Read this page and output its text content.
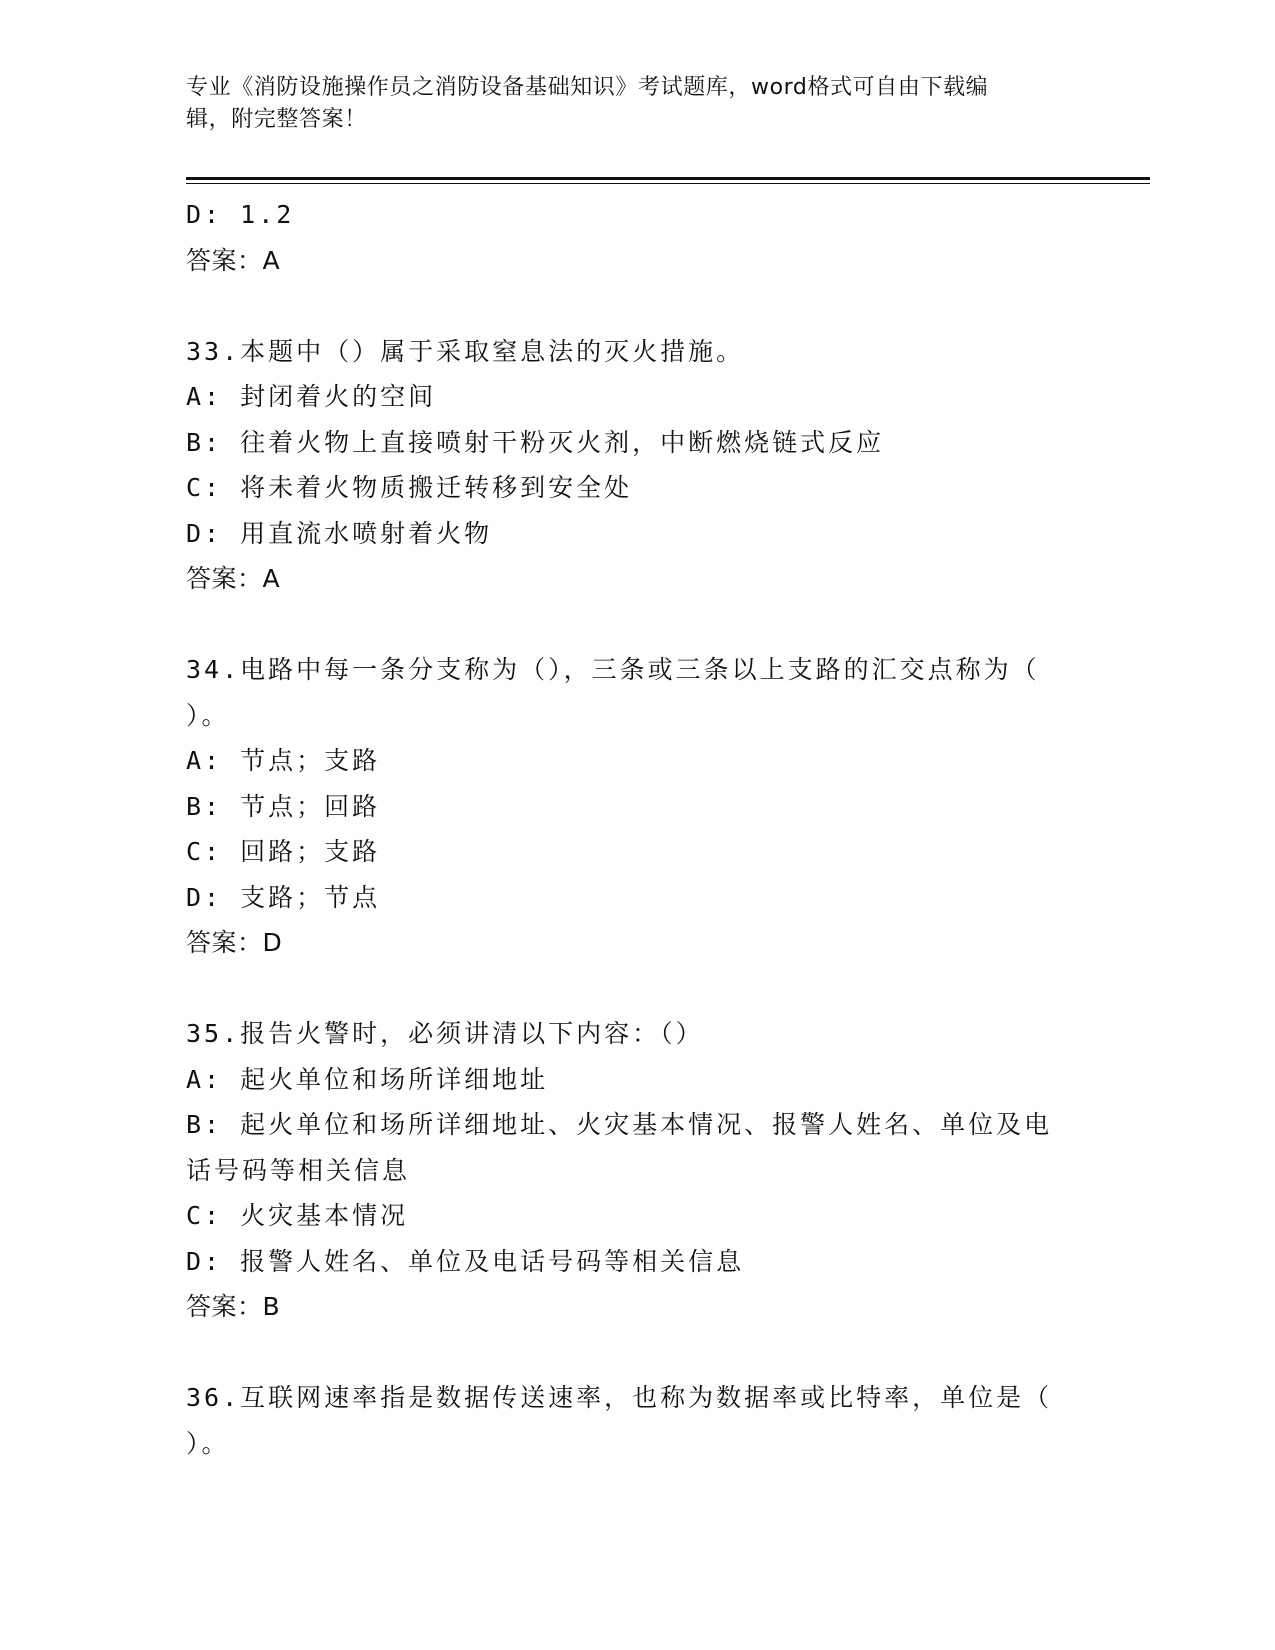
专业《消防设施操作员之消防设备基础知识》考试题库，word格式可自由下载编
辑，附完整答案！
D: 1.2
答案：A
33.本题中（）属于采取窒息法的灭火措施。
A: 封闭着火的空间
B: 往着火物上直接喷射干粉灭火剂，中断燃烧链式反应
C: 将未着火物质搬迁转移到安全处
D: 用直流水喷射着火物
答案：A
34.电路中每一条分支称为（），三条或三条以上支路的汇交点称为（
）。
A: 节点；支路
B: 节点；回路
C: 回路；支路
D: 支路；节点
答案：D
35.报告火警时，必须讲清以下内容：（）
A: 起火单位和场所详细地址
B: 起火单位和场所详细地址、火灾基本情况、报警人姓名、单位及电
话号码等相关信息
C: 火灾基本情况
D: 报警人姓名、单位及电话号码等相关信息
答案：B
36.互联网速率指是数据传送速率，也称为数据率或比特率，单位是（
）。
